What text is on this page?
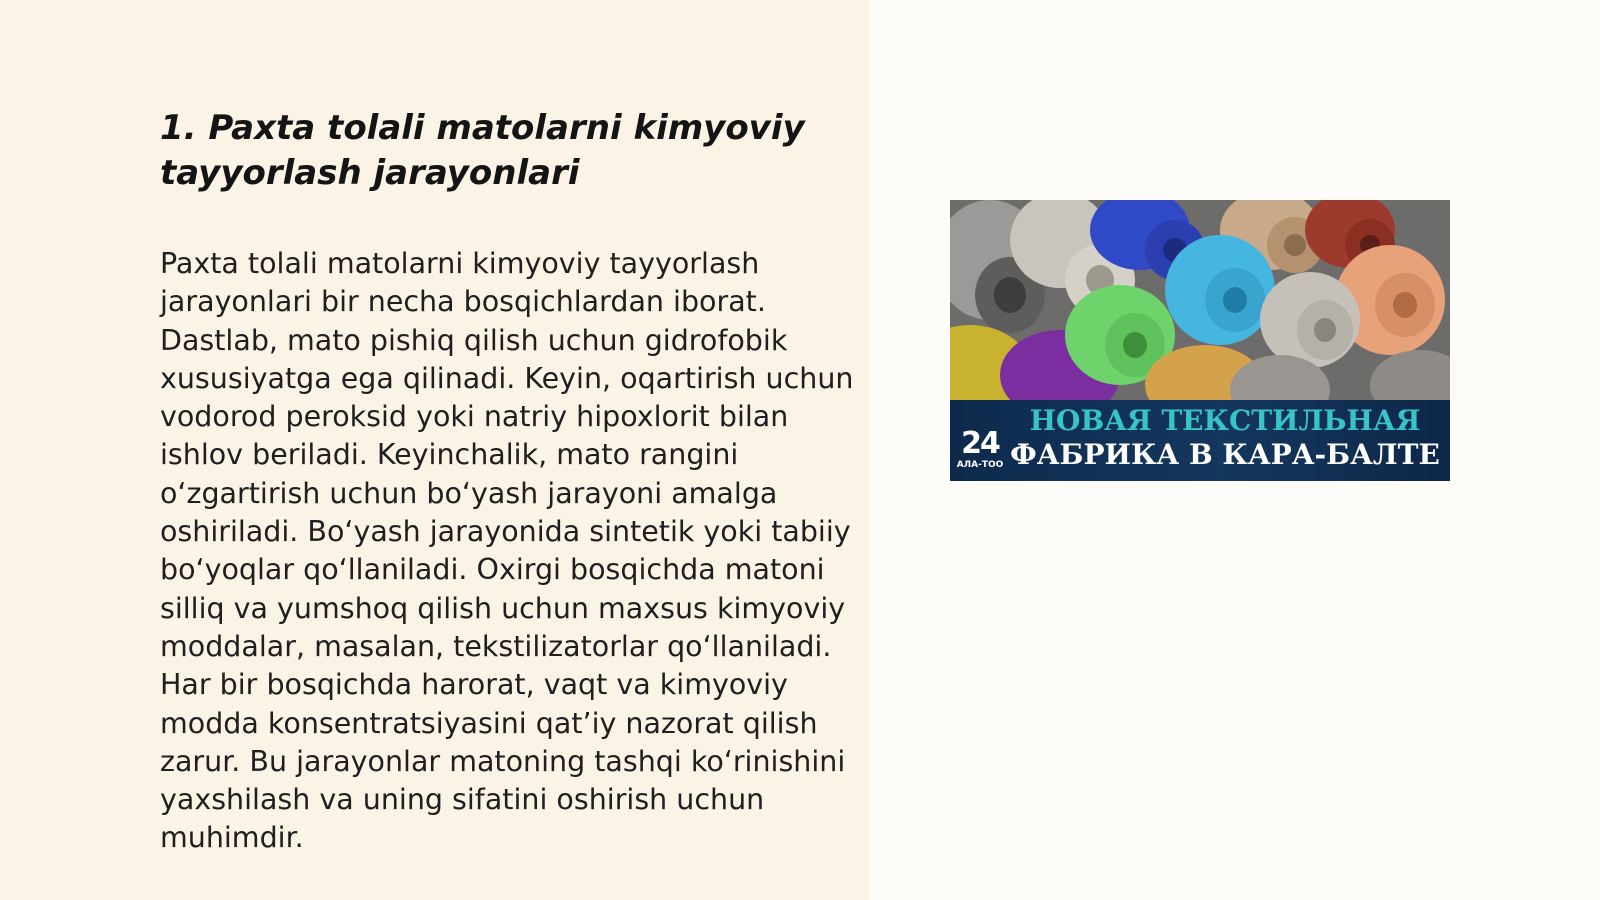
1. Paxta tolali matolarni kimyoviy tayyorlash jarayonlari

Paxta tolali matolarni kimyoviy tayyorlash jarayonlari bir necha bosqichlardan iborat. Dastlab, mato pishiq qilish uchun gidrofobik xususiyatga ega qilinadi. Keyin, oqartirish uchun vodorod peroksid yoki natriy hipoxlorit bilan ishlov beriladi. Keyinchalik, mato rangini o‘zgartirish uchun bo‘yash jarayoni amalga oshiriladi. Bo‘yash jarayonida sintetik yoki tabiiy bo‘yoqlar qo‘llaniladi. Oxirgi bosqichda matoni silliq va yumshoq qilish uchun maxsus kimyoviy moddalar, masalan, tekstilizatorlar qo‘llaniladi. Har bir bosqichda harorat, vaqt va kimyoviy modda konsentratsiyasini qat’iy nazorat qilish zarur. Bu jarayonlar matoning tashqi ko‘rinishini yaxshilash va uning sifatini oshirish uchun muhimdir.

24
АЛА-ТОО
НОВАЯ ТЕКСТИЛЬНАЯ
ФАБРИКА В КАРА-БАЛТЕ
